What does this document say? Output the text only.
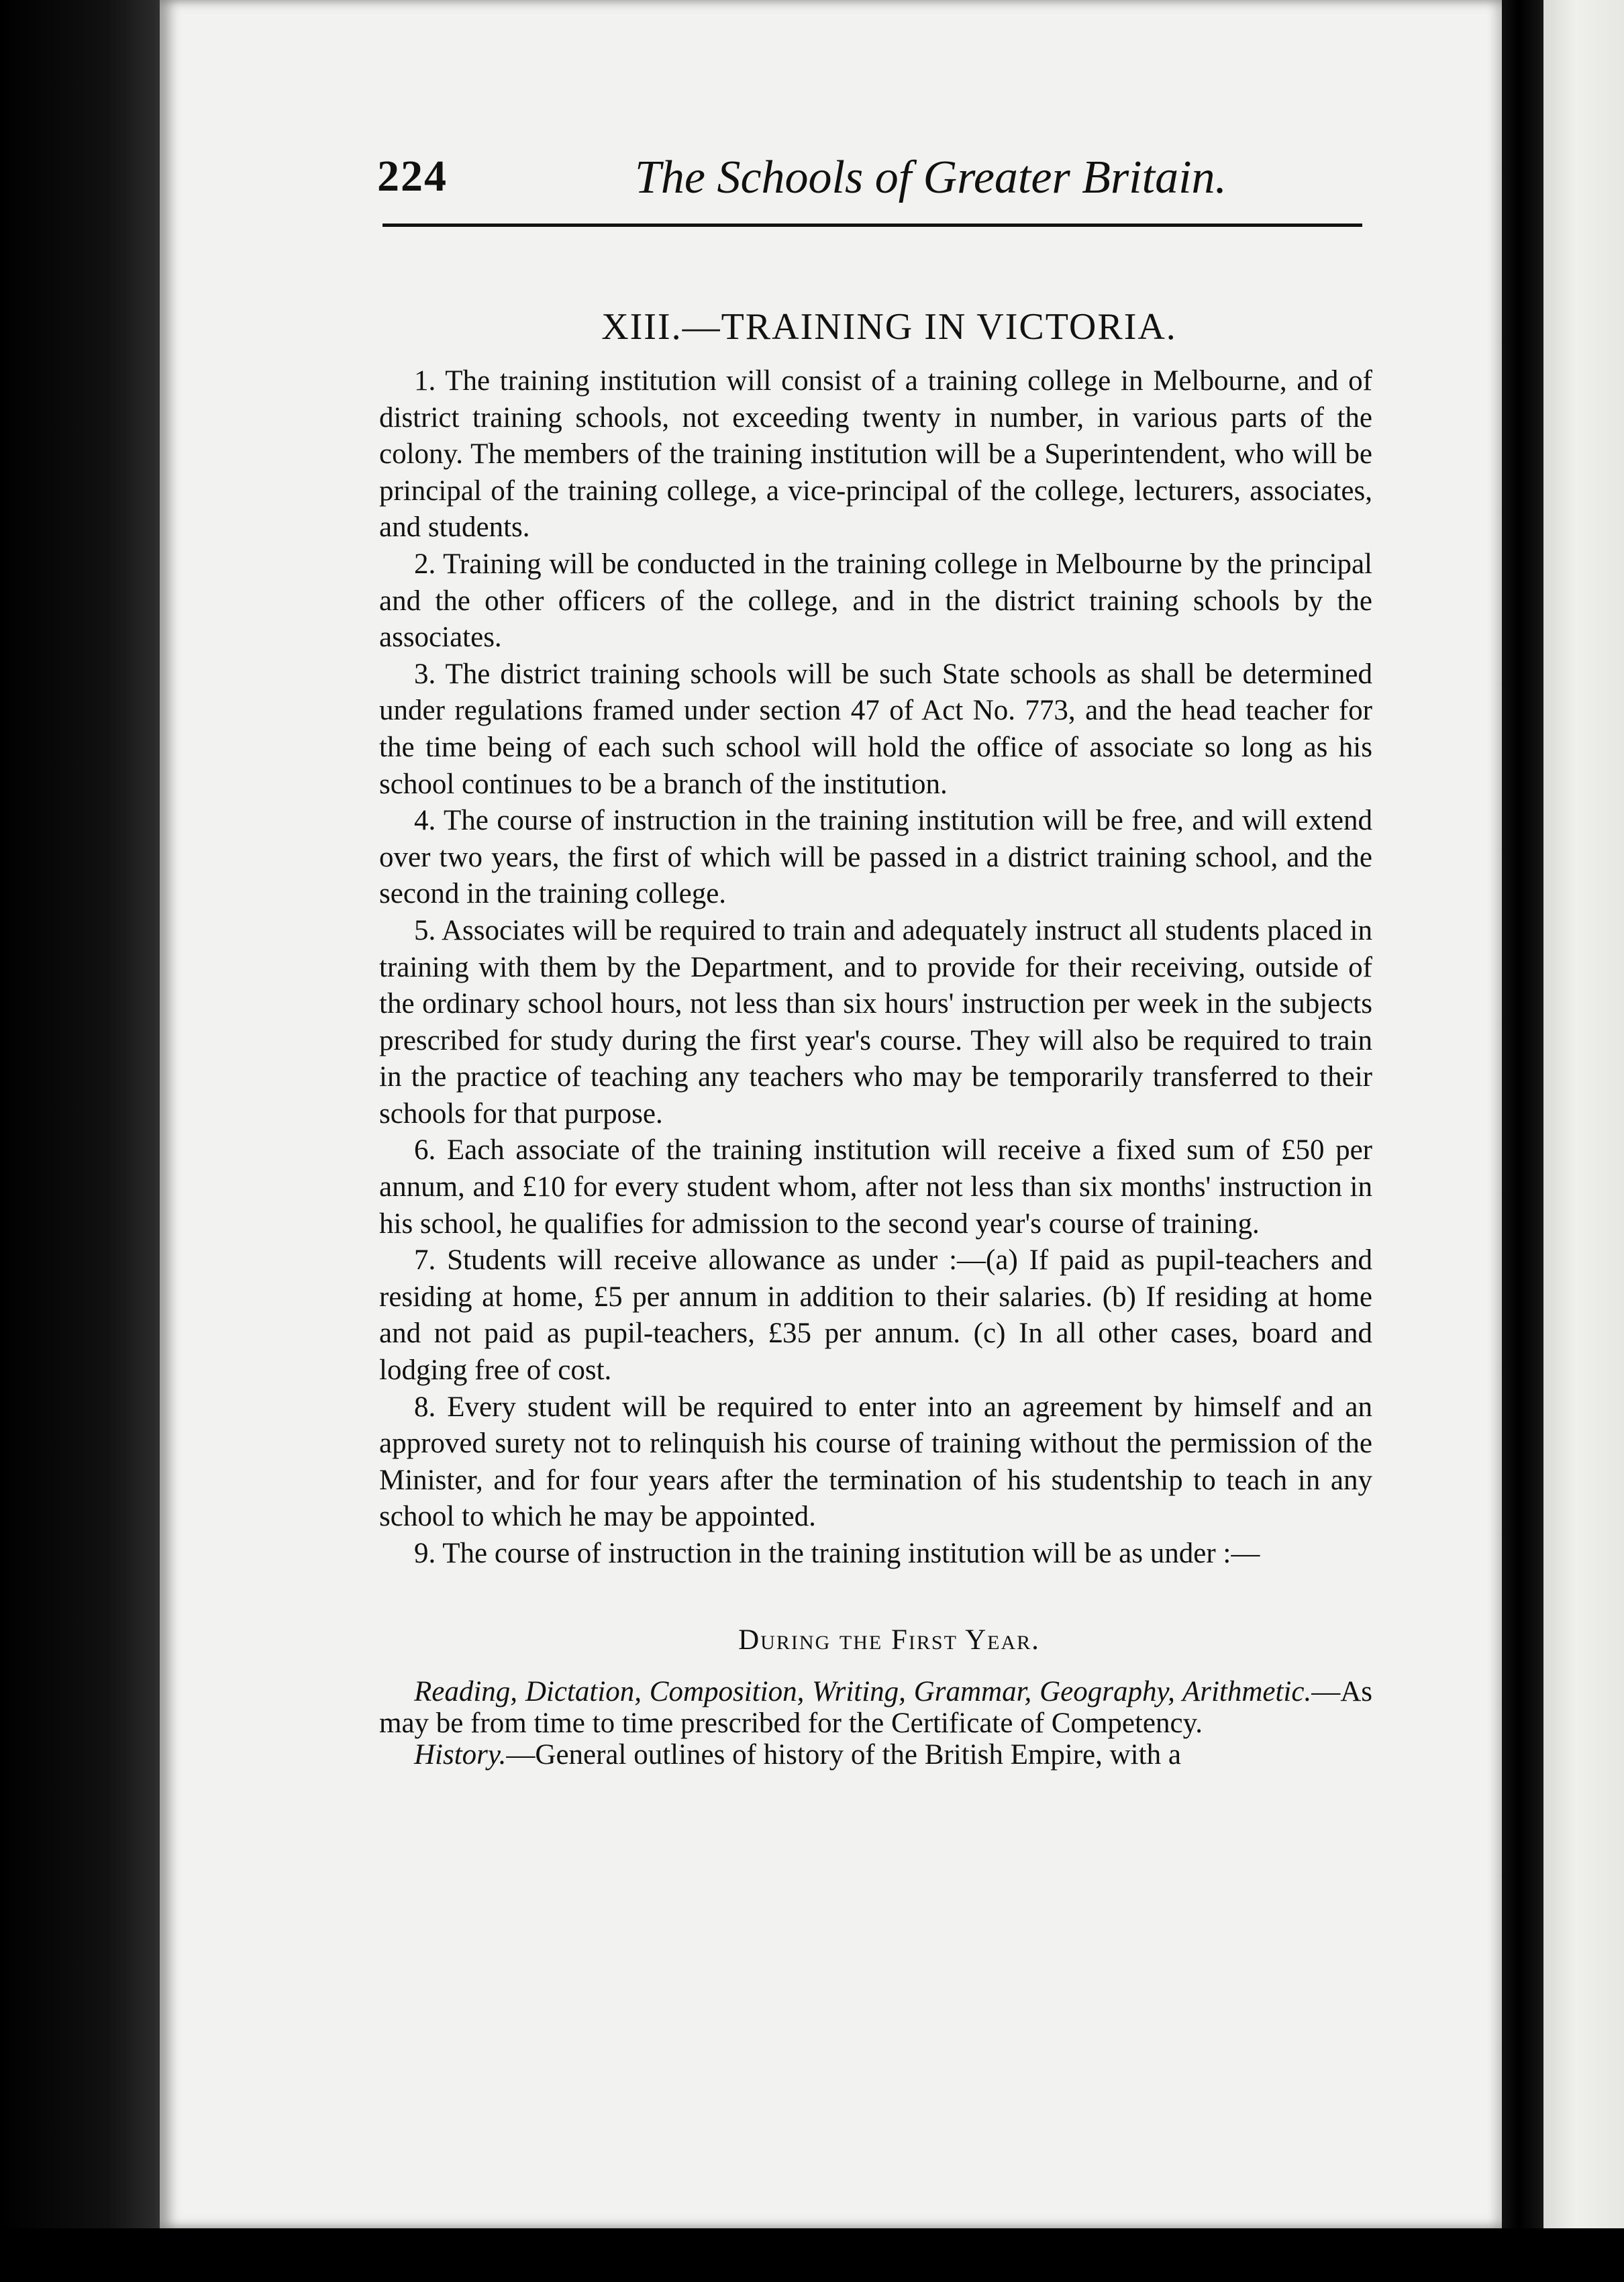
224	The Schools of Greater Britain.
XIII.—TRAINING IN VICTORIA.

1. The training institution will consist of a training college in Melbourne, and of district training schools, not exceeding twenty in number, in various parts of the colony. The members of the training institution will be a Superintendent, who will be principal of the training college, a vice-principal of the college, lecturers, associates, and students.

2. Training will be conducted in the training college in Melbourne by the principal and the other officers of the college, and in the district training schools by the associates.

3. The district training schools will be such State schools as shall be determined under regulations framed under section 47 of Act No. 773, and the head teacher for the time being of each such school will hold the office of associate so long as his school continues to be a branch of the institution.

4. The course of instruction in the training institution will be free, and will extend over two years, the first of which will be passed in a district training school, and the second in the training college.

5. Associates will be required to train and adequately instruct all students placed in training with them by the Department, and to provide for their receiving, outside of the ordinary school hours, not less than six hours' instruction per week in the subjects prescribed for study during the first year's course. They will also be required to train in the practice of teaching any teachers who may be temporarily transferred to their schools for that purpose.

6. Each associate of the training institution will receive a fixed sum of £50 per annum, and £10 for every student whom, after not less than six months' instruction in his school, he qualifies for admission to the second year's course of training.

7. Students will receive allowance as under :—(a) If paid as pupil-teachers and residing at home, £5 per annum in addition to their salaries. (b) If residing at home and not paid as pupil-teachers, £35 per annum. (c) In all other cases, board and lodging free of cost.

8. Every student will be required to enter into an agreement by himself and an approved surety not to relinquish his course of training without the permission of the Minister, and for four years after the termination of his studentship to teach in any school to which he may be appointed.

9. The course of instruction in the training institution will be as under :—

During the First Year.

Reading, Dictation, Composition, Writing, Grammar, Geography, Arithmetic.—As may be from time to time prescribed for the Certificate of Competency.

History.—General outlines of history of the British Empire, with a
